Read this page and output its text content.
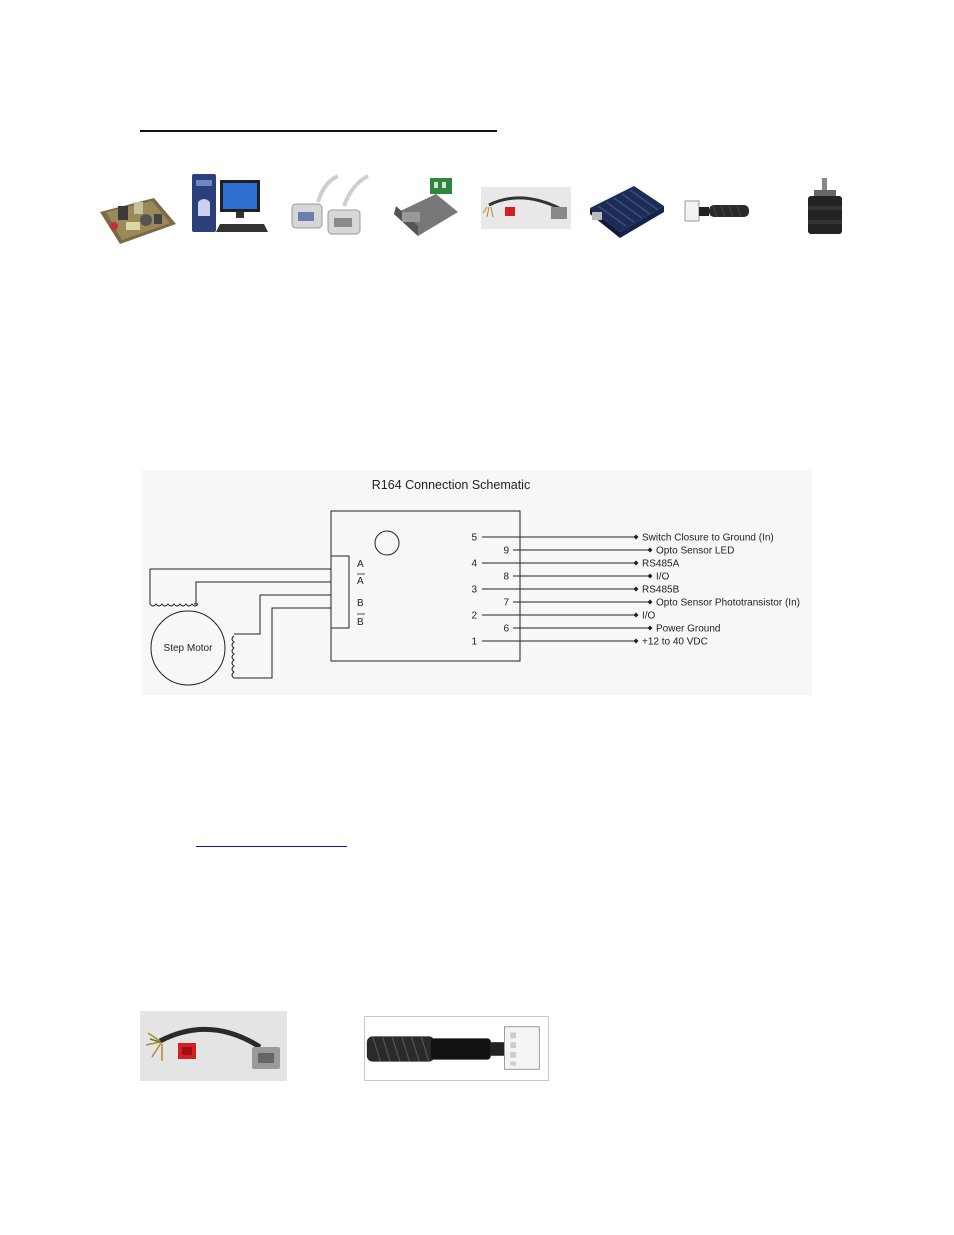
R164 Connection Schematic
A
A
B
B
Step Motor
5	Switch Closure to Ground (In)
9	Opto Sensor LED
4	RS485A
8	I/O
3	RS485B
7	Opto Sensor Phototransistor (In)
2	I/O
6	Power Ground
1	+12 to 40 VDC
